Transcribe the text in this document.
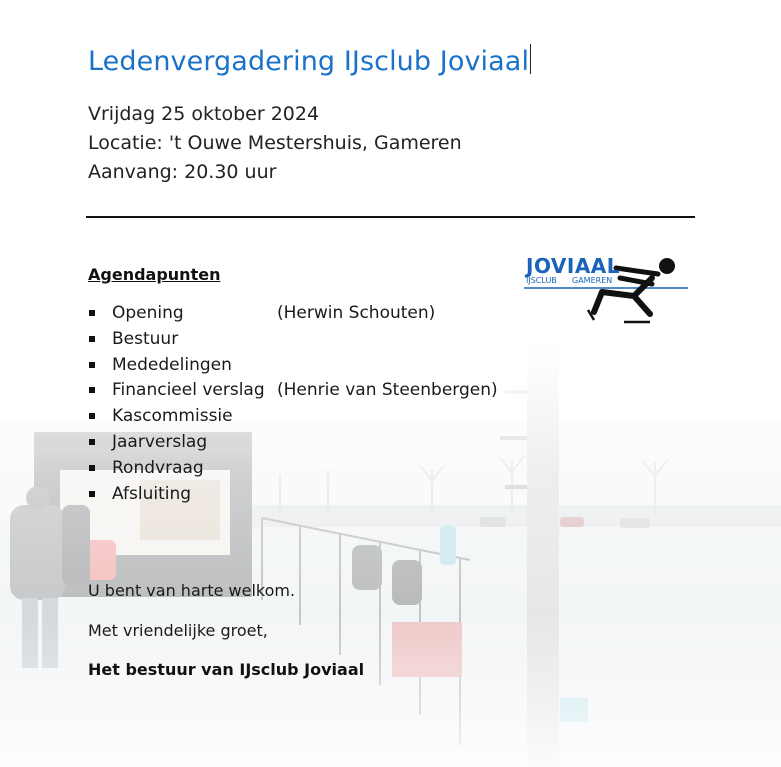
Ledenvergadering IJsclub Joviaal
Vrijdag 25 oktober 2024
Locatie: 't Ouwe Mestershuis, Gameren
Aanvang: 20.30 uur
JOVIAAL
IJSCLUB GAMEREN
Agendapunten
Opening	(Herwin Schouten)
Bestuur
Mededelingen
Financieel verslag (Henrie van Steenbergen)
Kascommissie
Jaarverslag
Rondvraag
Afsluiting
U bent van harte welkom.
Met vriendelijke groet,
Het bestuur van IJsclub Joviaal
